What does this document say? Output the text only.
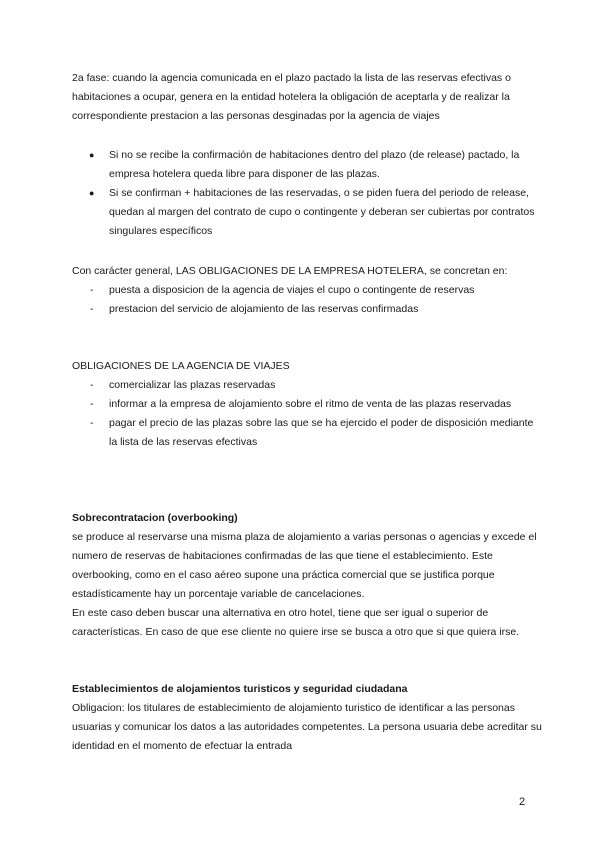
2a fase: cuando la agencia comunicada en el plazo pactado la lista de las reservas efectivas o habitaciones a ocupar, genera en la entidad hotelera la obligación de aceptarla y de realizar la correspondiente prestacion a las personas desginadas por la agencia de viajes

● Si no se recibe la confirmación de habitaciones dentro del plazo (de release) pactado, la empresa hotelera queda libre para disponer de las plazas.
● Si se confirman + habitaciones de las reservadas, o se piden fuera del periodo de release, quedan al margen del contrato de cupo o contingente y deberan ser cubiertas por contratos singulares específicos

Con carácter general, LAS OBLIGACIONES DE LA EMPRESA HOTELERA, se concretan en:

- puesta a disposicion de la agencia de viajes el cupo o contingente de reservas
- prestacion del servicio de alojamiento de las reservas confirmadas

OBLIGACIONES DE LA AGENCIA DE VIAJES

- comercializar las plazas reservadas
- informar a la empresa de alojamiento sobre el ritmo de venta de las plazas reservadas
- pagar el precio de las plazas sobre las que se ha ejercido el poder de disposición mediante la lista de las reservas efectivas

Sobrecontratacion (overbooking)

se produce al reservarse una misma plaza de alojamiento a varias personas o agencias y excede el numero de reservas de habitaciones confirmadas de las que tiene el establecimiento. Este overbooking, como en el caso aéreo supone una práctica comercial que se justifica porque estadísticamente hay un porcentaje variable de cancelaciones.

En este caso deben buscar una alternativa en otro hotel, tiene que ser igual o superior de características. En caso de que ese cliente no quiere irse se busca a otro que si que quiera irse.

Establecimientos de alojamientos turisticos y seguridad ciudadana

Obligacion: los titulares de establecimiento de alojamiento turistico de identificar a las personas usuarias y comunicar los datos a las autoridades competentes. La persona usuaria debe acreditar su identidad en el momento de efectuar la entrada

2
